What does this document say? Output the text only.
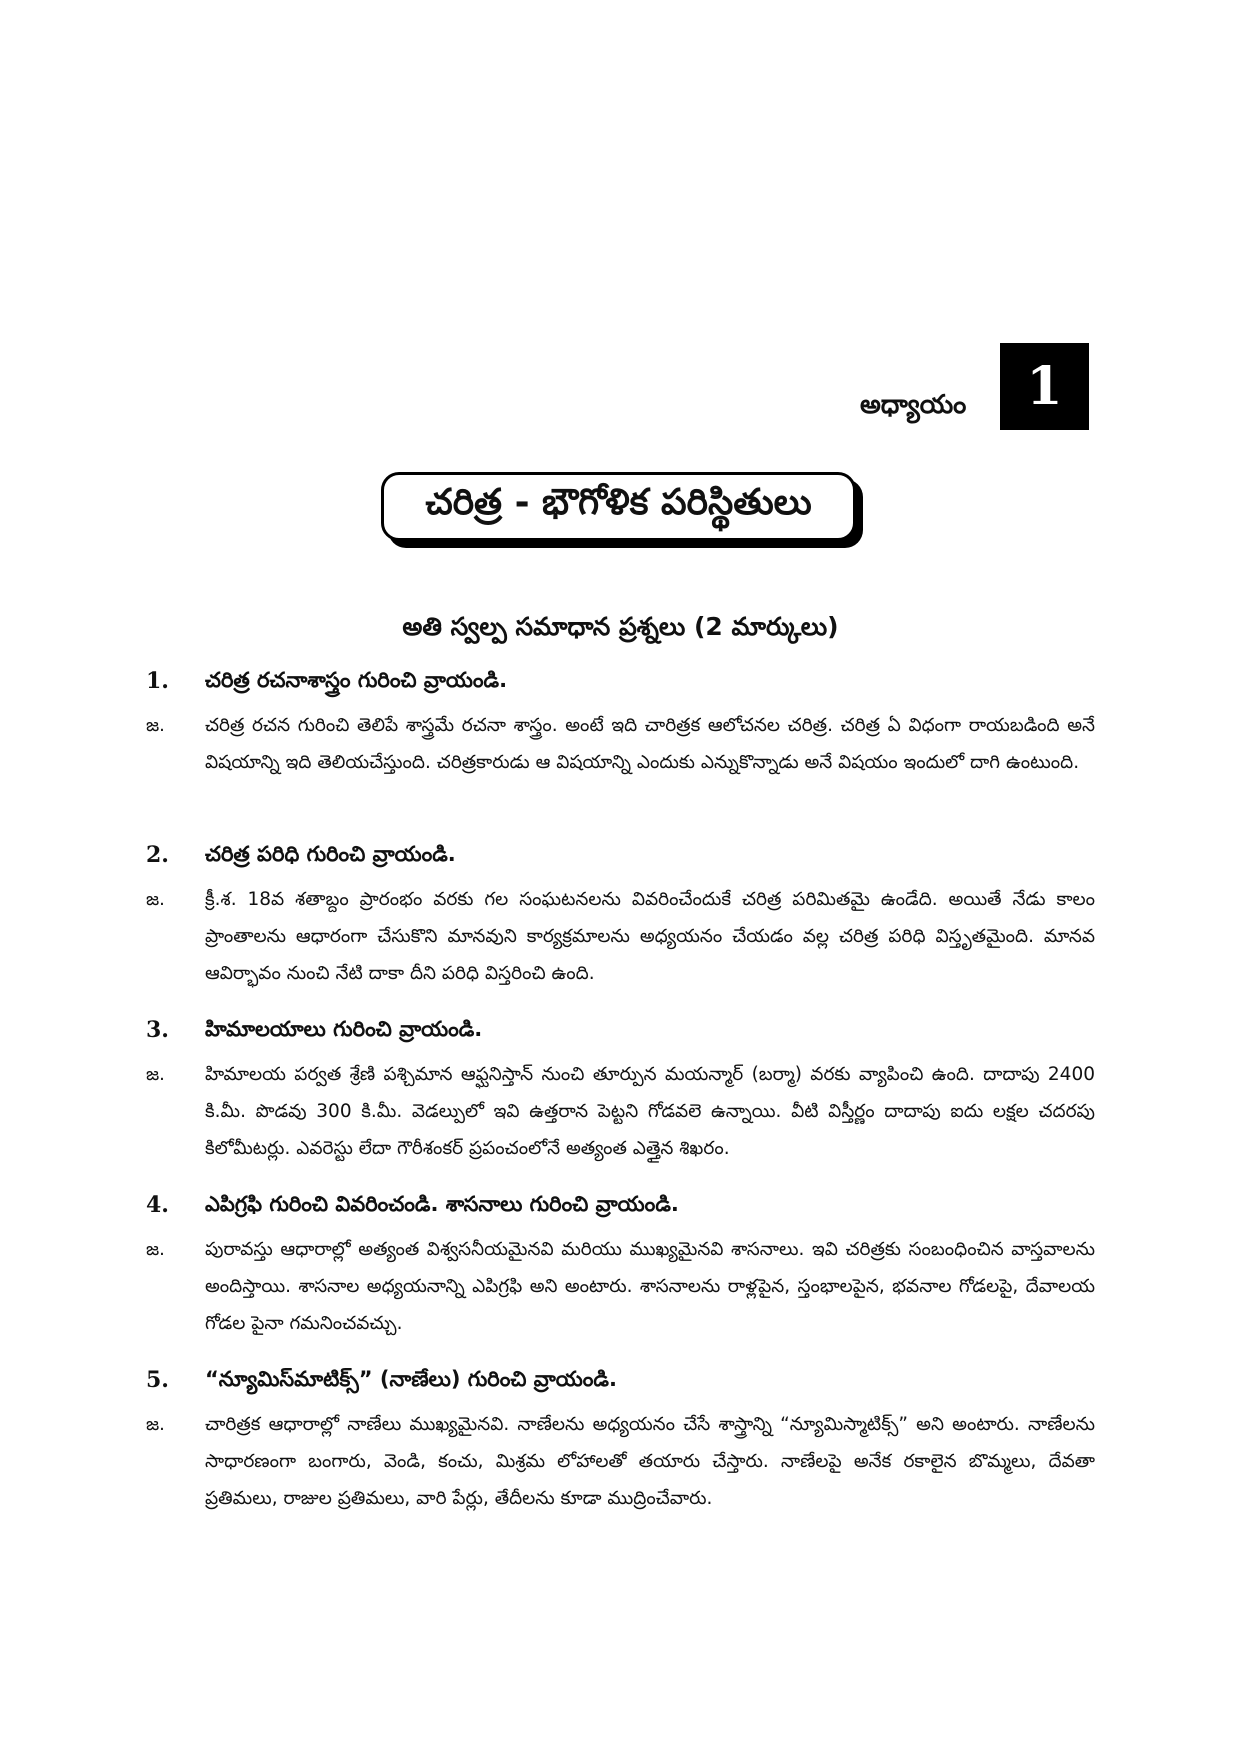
అధ్యాయం 1
చరిత్ర - భౌగోళిక పరిస్థితులు
అతి స్వల్ప సమాధాన ప్రశ్నలు (2 మార్కులు)
1. చరిత్ర రచనాశాస్త్రం గురించి వ్రాయండి.
జ. చరిత్ర రచన గురించి తెలిపే శాస్త్రమే రచనా శాస్త్రం. అంటే ఇది చారిత్రక ఆలోచనల చరిత్ర. చరిత్ర ఏ విధంగా రాయబడింది అనే విషయాన్ని ఇది తెలియచేస్తుంది. చరిత్రకారుడు ఆ విషయాన్ని ఎందుకు ఎన్నుకొన్నాడు అనే విషయం ఇందులో దాగి ఉంటుంది.
2. చరిత్ర పరిధి గురించి వ్రాయండి.
జ. క్రీ.శ. 18వ శతాబ్దం ప్రారంభం వరకు గల సంఘటనలను వివరించేందుకే చరిత్ర పరిమితమై ఉండేది. అయితే నేడు కాలం ప్రాంతాలను ఆధారంగా చేసుకొని మానవుని కార్యక్రమాలను అధ్యయనం చేయడం వల్ల చరిత్ర పరిధి విస్తృతమైంది. మానవ ఆవిర్భావం నుంచి నేటి దాకా దీని పరిధి విస్తరించి ఉంది.
3. హిమాలయాలు గురించి వ్రాయండి.
జ. హిమాలయ పర్వత శ్రేణి పశ్చిమాన ఆఫ్ఘనిస్తాన్ నుంచి తూర్పున మయన్మార్ (బర్మా) వరకు వ్యాపించి ఉంది. దాదాపు 2400 కి.మీ. పొడవు 300 కి.మీ. వెడల్పులో ఇవి ఉత్తరాన పెట్టని గోడవలె ఉన్నాయి. వీటి విస్తీర్ణం దాదాపు ఐదు లక్షల చదరపు కిలోమీటర్లు. ఎవరెస్టు లేదా గౌరీశంకర్ ప్రపంచంలోనే అత్యంత ఎత్తైన శిఖరం.
4. ఎపిగ్రఫి గురించి వివరించండి. శాసనాలు గురించి వ్రాయండి.
జ. పురావస్తు ఆధారాల్లో అత్యంత విశ్వసనీయమైనవి మరియు ముఖ్యమైనవి శాసనాలు. ఇవి చరిత్రకు సంబంధించిన వాస్తవాలను అందిస్తాయి. శాసనాల అధ్యయనాన్ని ఎపిగ్రఫి అని అంటారు. శాసనాలను రాళ్లపైన, స్తంభాలపైన, భవనాల గోడలపై, దేవాలయ గోడల పైనా గమనించవచ్చు.
5. “న్యూమిస్‌మాటిక్స్” (నాణేలు) గురించి వ్రాయండి.
జ. చారిత్రక ఆధారాల్లో నాణేలు ముఖ్యమైనవి. నాణేలను అధ్యయనం చేసే శాస్త్రాన్ని “న్యూమిస్మాటిక్స్” అని అంటారు. నాణేలను సాధారణంగా బంగారు, వెండి, కంచు, మిశ్రమ లోహాలతో తయారు చేస్తారు. నాణేలపై అనేక రకాలైన బొమ్మలు, దేవతా ప్రతిమలు, రాజుల ప్రతిమలు, వారి పేర్లు, తేదీలను కూడా ముద్రించేవారు.
